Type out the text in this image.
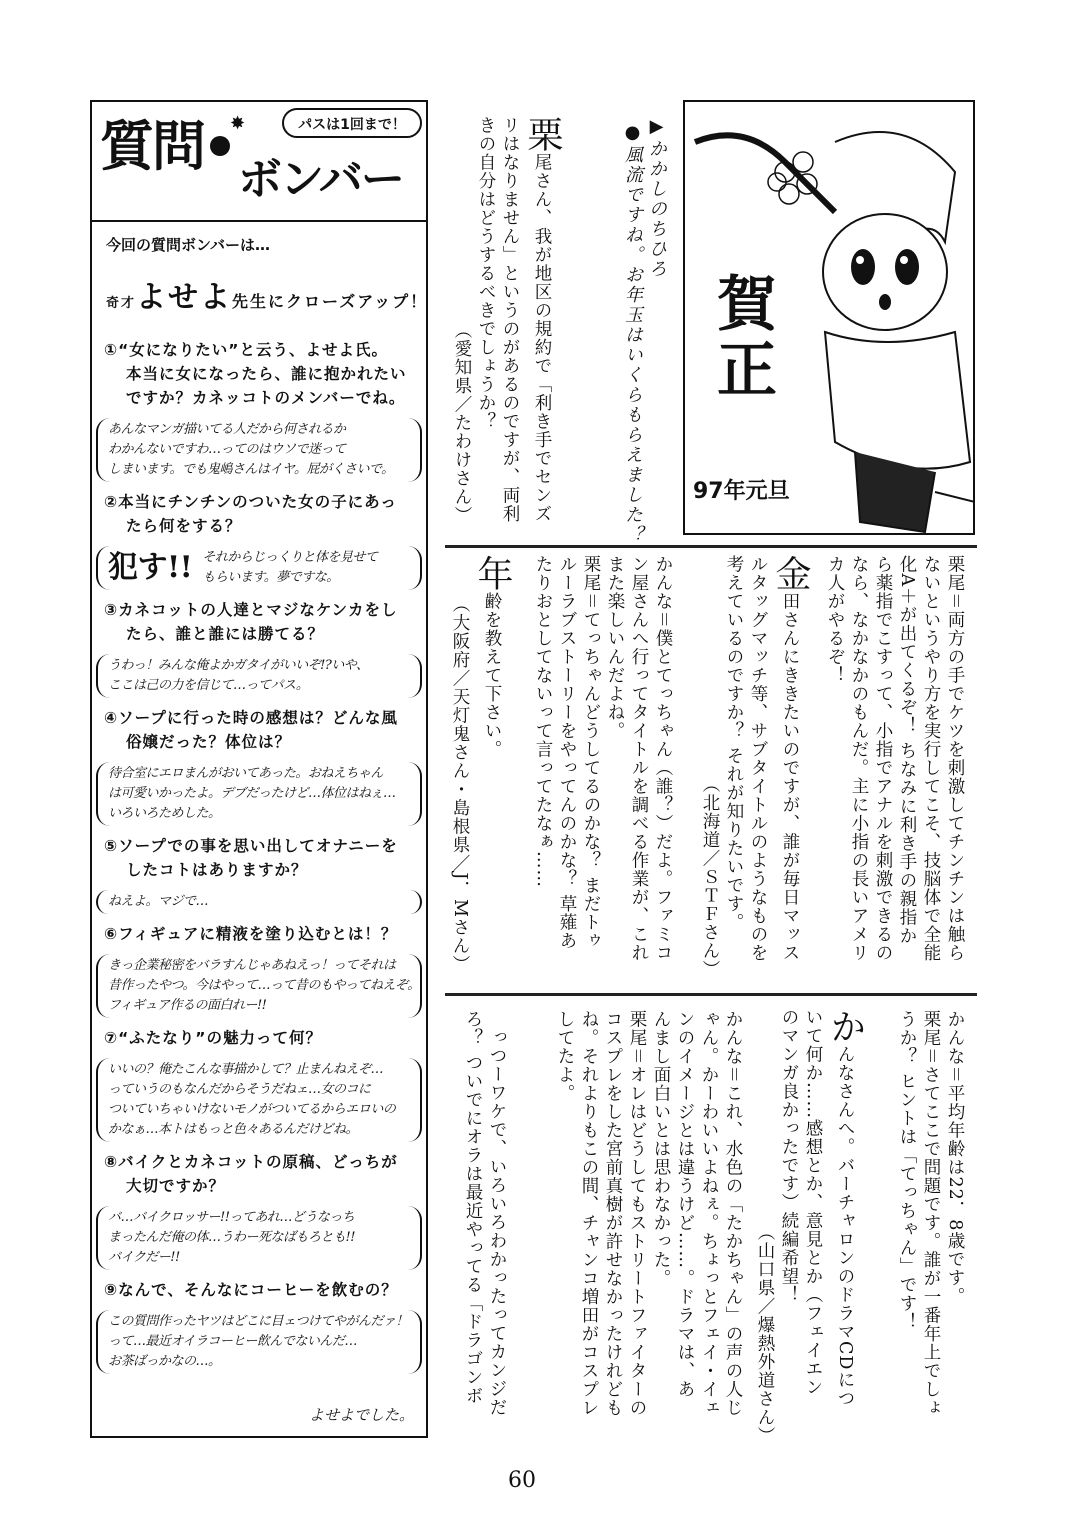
質問 ✸
ボンバー
パスは1回まで！
今回の質問ボンバーは…
奇才よせよ先生にクローズアップ！
①“女になりたい”と云う、よせよ氏。
本当に女になったら、誰に抱かれたい
ですか？カネッコトのメンバーでね。
あんなマンガ描いてる人だから何されるか
わかんないですわ…ってのはウソで迷って
しまいます。でも鬼嶋さんはイヤ。屁がくさいで。
②本当にチンチンのついた女の子にあっ
たら何をする？
犯す!! それからじっくりと体を見せて
もらいます。夢ですな。
③カネコットの人達とマジなケンカをし
たら、誰と誰には勝てる？
うわっ！みんな俺よかガタイがいいぞ!?いや、
ここは己の力を信じて…ってパス。
④ソープに行った時の感想は？どんな風
俗嬢だった？体位は？
待合室にエロまんがおいてあった。おねえちゃん
は可愛いかったよ。デブだったけど…体位はねぇ…
いろいろためした。
⑤ソープでの事を思い出してオナニーを
したコトはありますか？
ねえよ。マジで…
⑥フィギュアに精液を塗り込むとは！？
きっ企業秘密をバラすんじゃあねえっ！ってそれは
昔作ったやつ。今はやって…って昔のもやってねえぞ。
フィギュア作るの面白れー!!
⑦“ふたなり”の魅力って何？
いいの？俺たこんな事描かして？止まんねえぞ…
っていうのもなんだからそうだねェ…女のコに
ついていちゃいけないモノがついてるからエロいの
かなぁ…本トはもっと色々あるんだけどね。
⑧バイクとカネコットの原稿、どっちが
大切ですか？
バ…バイクロッサー!!ってあれ…どうなっち
まったんだ俺の体…うわー死なばもろとも!!
バイクだー!!
⑨なんで、そんなにコーヒーを飲むの？
この質問作ったヤツはどこに目ェつけてやがんだァ！
って…最近オイラコーヒー飲んでないんだ…
お茶ばっかなの…。
よせよでした。
賀正
97年元旦
▶かかしのちひろ
●風流ですね。お年玉はいくらもらえました？
栗尾さん、我が地区の規約で「利き手でセンズ
リはなりません」というのがあるのですが、両利
きの自分はどうするべきでしょうか？
（愛知県／たわけさん）
栗尾＝両方の手でケツを刺激してチンチンは触ら
ないというやり方を実行してこそ、技脳体で全能
化A＋が出てくるぞ！ ちなみに利き手の親指か
ら薬指でこすって、小指でアナルを刺激できるの
なら、なかなかのもんだ。主に小指の長いアメリ
カ人がやるぞ！
金田さんにききたいのですが、誰が毎日マッス
ルタッグマッチ等、サブタイトルのようなものを
考えているのですか？ それが知りたいです。
（北海道／ＳＴＦさん）
かんな＝僕とてっちゃん（誰？）だよ。ファミコ
ン屋さんへ行ってタイトルを調べる作業が、これ
また楽しいんだよね。
栗尾＝てっちゃんどうしてるのかな？ まだトゥ
ルーラブストーリーをやってんのかな？ 草薙あ
たりおとしてないって言ってたなぁ……
年齢を教えて下さい。
（大阪府／天灯鬼さん・島根県／J．Mさん）
かんな＝平均年齢は22．8歳です。
栗尾＝さてここで問題です。誰が一番年上でしょ
うか？ ヒントは「てっちゃん」です！
かんなさんへ。バーチャロンのドラマCDにつ
いて何か……感想とか、意見とか（フェイエン
のマンガ良かったです）続編希望！
（山口県／爆熱外道さん）
かんな＝これ、水色の「たかちゃん」の声の人じ
ゃん。かーわいいよねぇ。ちょっとフェイ・イェ
ンのイメージとは違うけど……。ドラマは、あ
んまし面白いとは思わなかった。
栗尾＝オレはどうしてもストリートファイターの
コスプレをした宮前真樹が許せなかったけれども
ね。それよりもこの間、チャンコ増田がコスプレ
してたよ。
っつーワケで、いろいろわかったってカンジだ
ろ？ ついでにオラは最近やってる「ドラゴンボ
60
